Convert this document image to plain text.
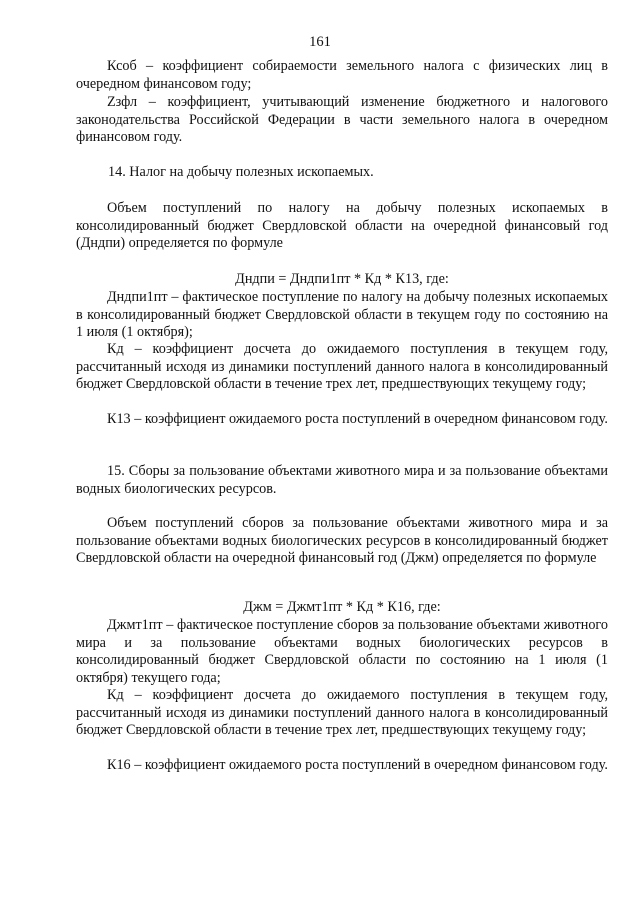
161

Ксоб – коэффициент собираемости земельного налога с физических лиц в очередном финансовом году;

Zзфл – коэффициент, учитывающий изменение бюджетного и налогового законодательства Российской Федерации в части земельного налога в очередном финансовом году.

14. Налог на добычу полезных ископаемых.

Объем поступлений по налогу на добычу полезных ископаемых в консолидированный бюджет Свердловской области на очередной финансовый год (Дндпи) определяется по формуле

Дндпи = Дндпи1пт * Кд * К13, где:

Дндпи1пт – фактическое поступление по налогу на добычу полезных ископаемых в консолидированный бюджет Свердловской области в текущем году по состоянию на 1 июля (1 октября);

Кд – коэффициент досчета до ожидаемого поступления в текущем году, рассчитанный исходя из динамики поступлений данного налога в консолидированный бюджет Свердловской области в течение трех лет, предшествующих текущему году;

К13 – коэффициент ожидаемого роста поступлений в очередном финансовом году.

15. Сборы за пользование объектами животного мира и за пользование объектами водных биологических ресурсов.

Объем поступлений сборов за пользование объектами животного мира и за пользование объектами водных биологических ресурсов в консолидированный бюджет Свердловской области на очередной финансовый год (Джм) определяется по формуле

Джм = Джмт1пт * Кд * К16, где:

Джмт1пт – фактическое поступление сборов за пользование объектами животного мира и за пользование объектами водных биологических ресурсов в консолидированный бюджет Свердловской области по состоянию на 1 июля (1 октября) текущего года;

Кд – коэффициент досчета до ожидаемого поступления в текущем году, рассчитанный исходя из динамики поступлений данного налога в консолидированный бюджет Свердловской области в течение трех лет, предшествующих текущему году;

К16 – коэффициент ожидаемого роста поступлений в очередном финансовом году.
